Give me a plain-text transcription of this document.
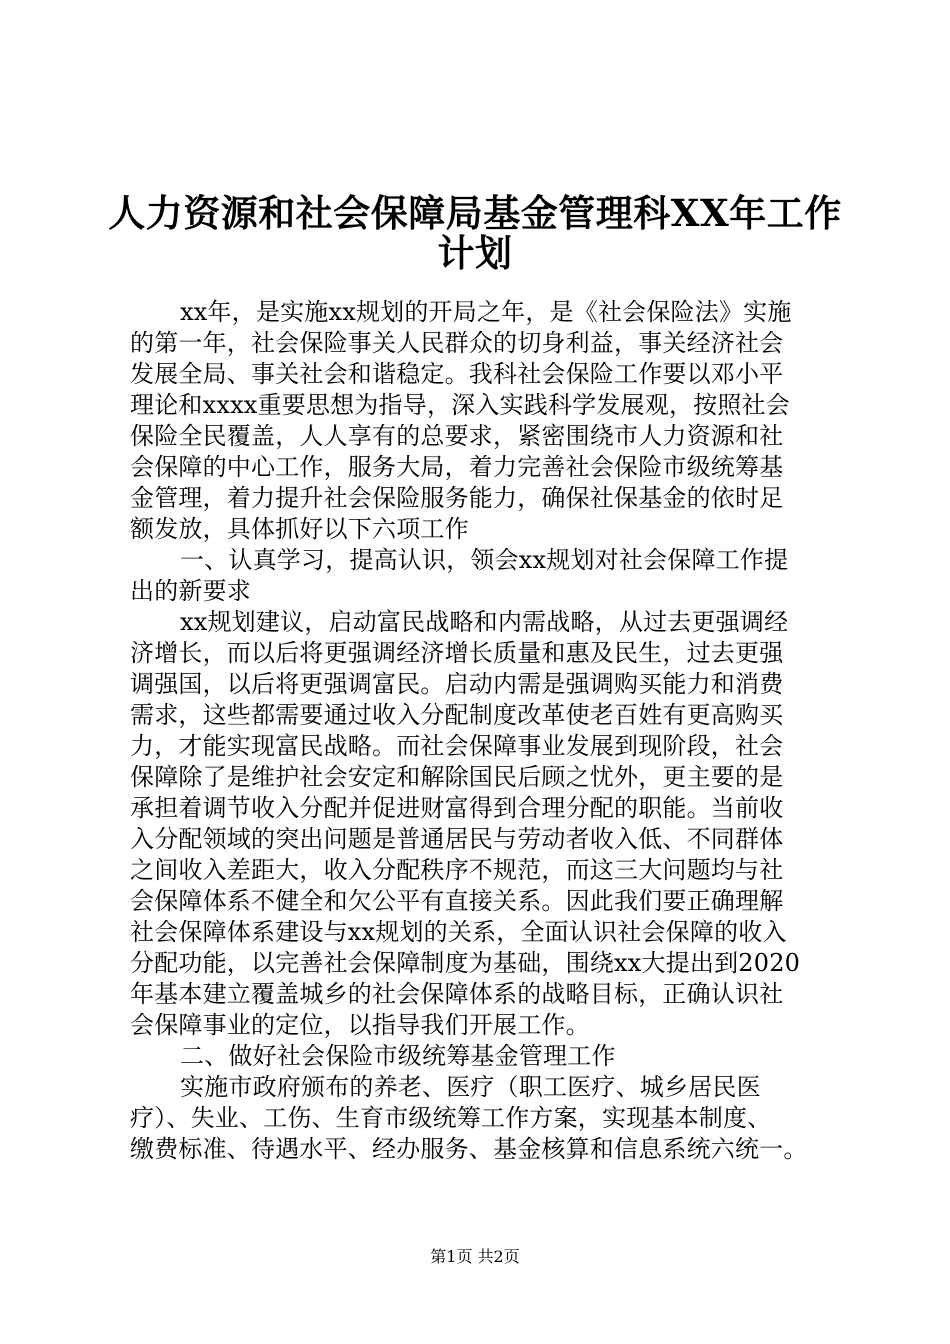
人力资源和社会保障局基金管理科XX年工作
计划
xx年，是实施xx规划的开局之年，是《社会保险法》实施
的第一年，社会保险事关人民群众的切身利益，事关经济社会
发展全局、事关社会和谐稳定。我科社会保险工作要以邓小平
理论和xxxx重要思想为指导，深入实践科学发展观，按照社会
保险全民覆盖，人人享有的总要求，紧密围绕市人力资源和社
会保障的中心工作，服务大局，着力完善社会保险市级统筹基
金管理，着力提升社会保险服务能力，确保社保基金的依时足
额发放，具体抓好以下六项工作
一、认真学习，提高认识，领会xx规划对社会保障工作提
出的新要求
xx规划建议，启动富民战略和内需战略，从过去更强调经
济增长，而以后将更强调经济增长质量和惠及民生，过去更强
调强国，以后将更强调富民。启动内需是强调购买能力和消费
需求，这些都需要通过收入分配制度改革使老百姓有更高购买
力，才能实现富民战略。而社会保障事业发展到现阶段，社会
保障除了是维护社会安定和解除国民后顾之忧外，更主要的是
承担着调节收入分配并促进财富得到合理分配的职能。当前收
入分配领域的突出问题是普通居民与劳动者收入低、不同群体
之间收入差距大，收入分配秩序不规范，而这三大问题均与社
会保障体系不健全和欠公平有直接关系。因此我们要正确理解
社会保障体系建设与xx规划的关系，全面认识社会保障的收入
分配功能，以完善社会保障制度为基础，围绕xx大提出到2020
年基本建立覆盖城乡的社会保障体系的战略目标，正确认识社
会保障事业的定位，以指导我们开展工作。
二、做好社会保险市级统筹基金管理工作
实施市政府颁布的养老、医疗（职工医疗、城乡居民医
疗）、失业、工伤、生育市级统筹工作方案，实现基本制度、
缴费标准、待遇水平、经办服务、基金核算和信息系统六统一。
第1页 共2页
